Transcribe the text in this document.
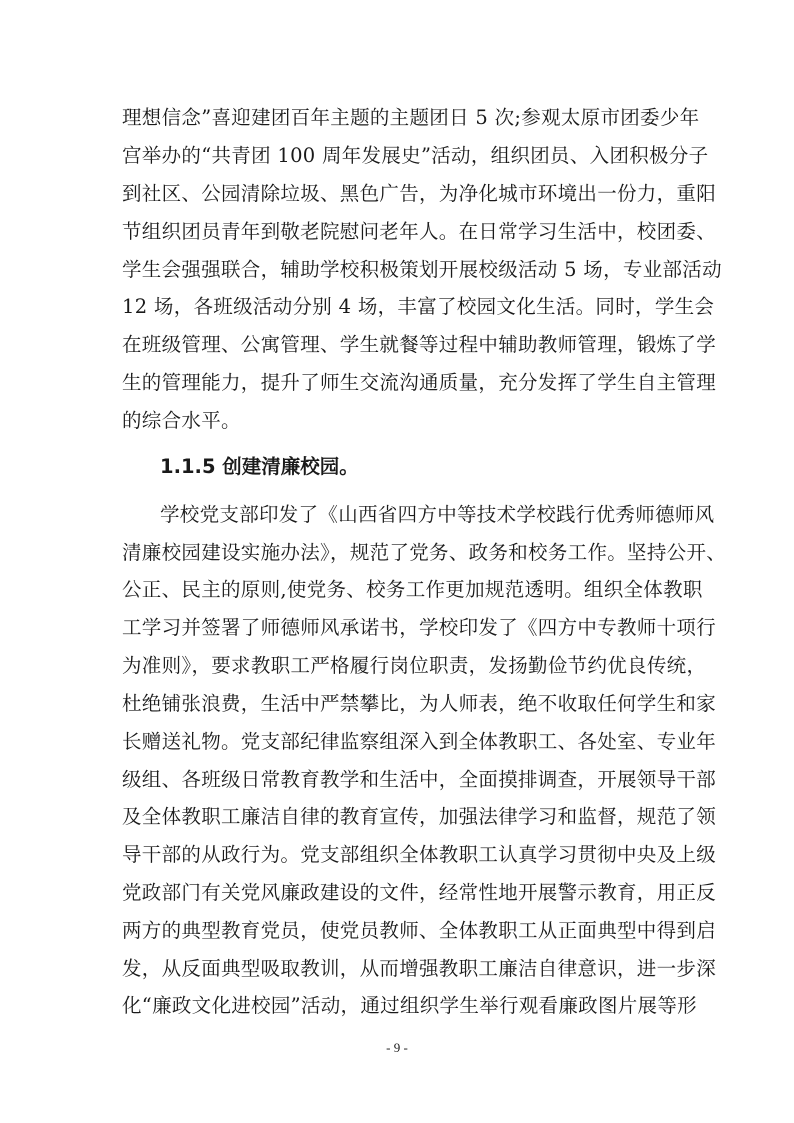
理想信念”喜迎建团百年主题的主题团日 5 次;参观太原市团委少年
宫举办的“共青团 100 周年发展史”活动，组织团员、入团积极分子
到社区、公园清除垃圾、黑色广告，为净化城市环境出一份力，重阳
节组织团员青年到敬老院慰问老年人。在日常学习生活中，校团委、
学生会强强联合，辅助学校积极策划开展校级活动 5 场，专业部活动
12 场，各班级活动分别 4 场，丰富了校园文化生活。同时，学生会
在班级管理、公寓管理、学生就餐等过程中辅助教师管理，锻炼了学
生的管理能力，提升了师生交流沟通质量，充分发挥了学生自主管理
的综合水平。
1.1.5 创建清廉校园。
学校党支部印发了《山西省四方中等技术学校践行优秀师德师风
清廉校园建设实施办法》，规范了党务、政务和校务工作。坚持公开、
公正、民主的原则,使党务、校务工作更加规范透明。组织全体教职
工学习并签署了师德师风承诺书，学校印发了《四方中专教师十项行
为准则》，要求教职工严格履行岗位职责，发扬勤俭节约优良传统，
杜绝铺张浪费，生活中严禁攀比，为人师表，绝不收取任何学生和家
长赠送礼物。党支部纪律监察组深入到全体教职工、各处室、专业年
级组、各班级日常教育教学和生活中，全面摸排调查，开展领导干部
及全体教职工廉洁自律的教育宣传，加强法律学习和监督，规范了领
导干部的从政行为。党支部组织全体教职工认真学习贯彻中央及上级
党政部门有关党风廉政建设的文件，经常性地开展警示教育，用正反
两方的典型教育党员，使党员教师、全体教职工从正面典型中得到启
发，从反面典型吸取教训，从而增强教职工廉洁自律意识，进一步深
化“廉政文化进校园”活动，通过组织学生举行观看廉政图片展等形
- 9 -
